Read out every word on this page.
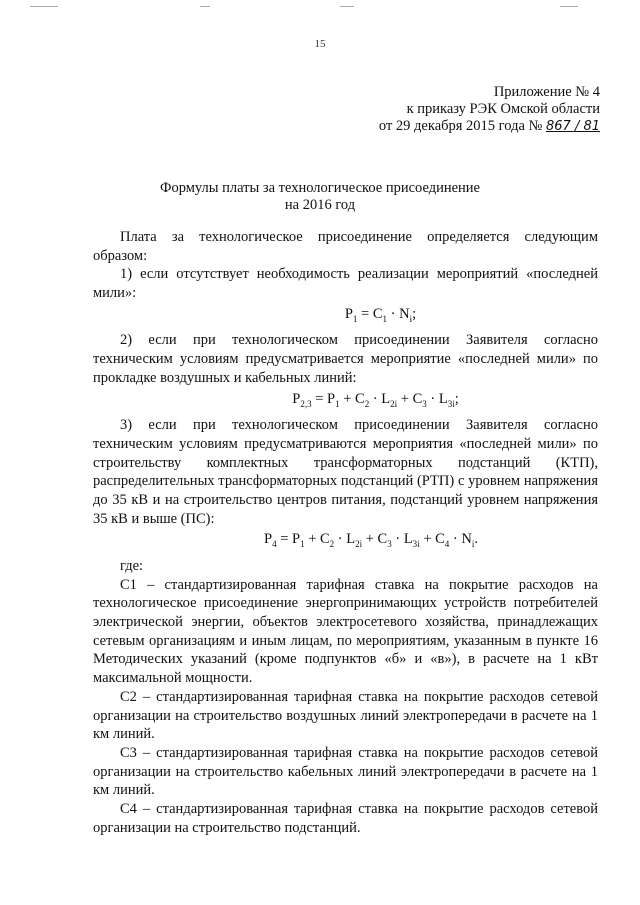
15
Приложение № 4
к приказу РЭК Омской области
от 29 декабря 2015 года № 867 / 81
Формулы платы за технологическое присоединение
на 2016 год

Плата за технологическое присоединение определяется следующим образом:

1) если отсутствует необходимость реализации мероприятий «последней мили»:

$P_1 = C_1 \cdot N_i$;

2) если при технологическом присоединении Заявителя согласно техническим условиям предусматривается мероприятие «последней мили» по прокладке воздушных и кабельных линий:

$P_{2,3} = P_1 + C_2 \cdot L_{2i} + C_3 \cdot L_{3i}$;

3) если при технологическом присоединении Заявителя согласно техническим условиям предусматриваются мероприятия «последней мили» по строительству комплектных трансформаторных подстанций (КТП), распределительных трансформаторных подстанций (РТП) с уровнем напряжения до 35 кВ и на строительство центров питания, подстанций уровнем напряжения 35 кВ и выше (ПС):

$P_4 = P_1 + C_2 \cdot L_{2i} + C_3 \cdot L_{3i} + C_4 \cdot N_i$.

где:

С1 – стандартизированная тарифная ставка на покрытие расходов на технологическое присоединение энергопринимающих устройств потребителей электрической энергии, объектов электросетевого хозяйства, принадлежащих сетевым организациям и иным лицам, по мероприятиям, указанным в пункте 16 Методических указаний (кроме подпунктов «б» и «в»), в расчете на 1 кВт максимальной мощности.

С2 – стандартизированная тарифная ставка на покрытие расходов сетевой организации на строительство воздушных линий электропередачи в расчете на 1 км линий.

С3 – стандартизированная тарифная ставка на покрытие расходов сетевой организации на строительство кабельных линий электропередачи в расчете на 1 км линий.

С4 – стандартизированная тарифная ставка на покрытие расходов сетевой организации на строительство подстанций.
